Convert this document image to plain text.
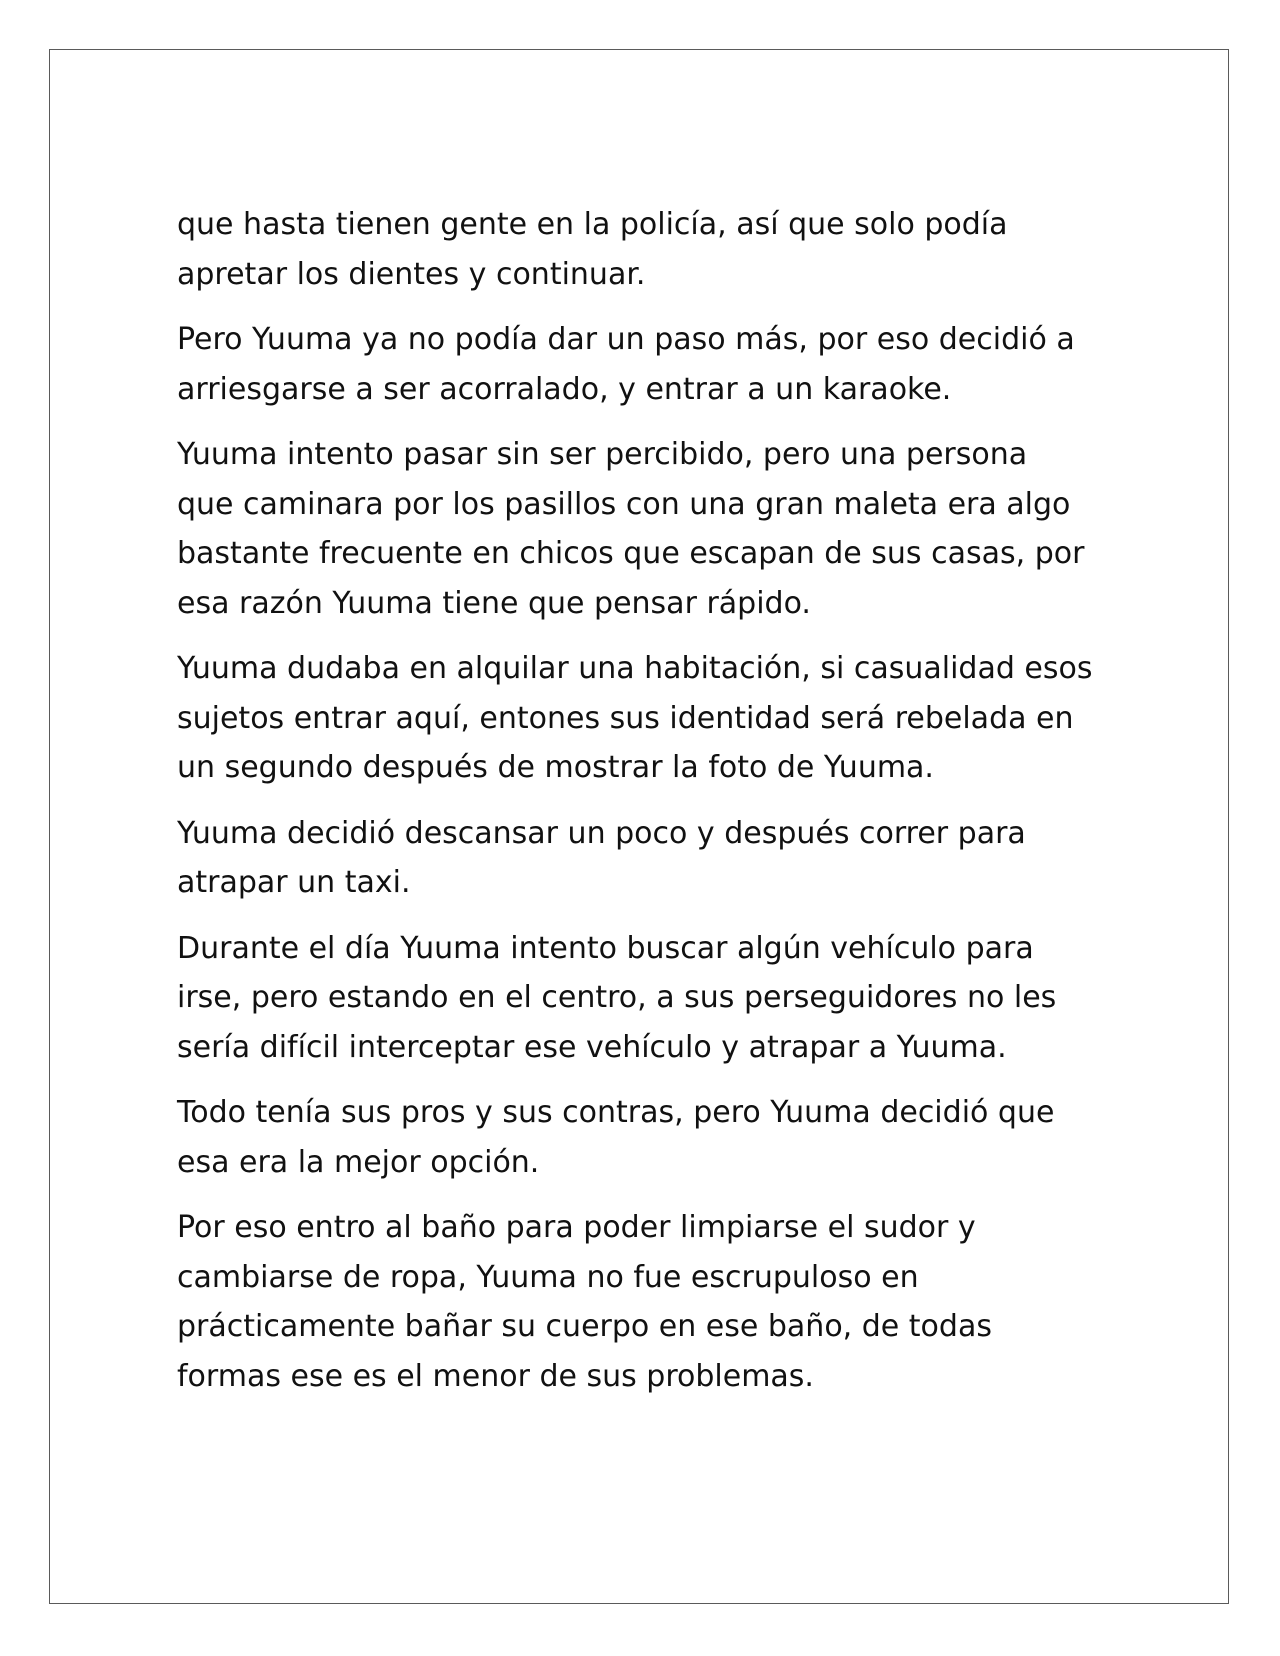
que hasta tienen gente en la policía, así que solo podía
apretar los dientes y continuar.

Pero Yuuma ya no podía dar un paso más, por eso decidió a
arriesgarse a ser acorralado, y entrar a un karaoke.

Yuuma intento pasar sin ser percibido, pero una persona
que caminara por los pasillos con una gran maleta era algo
bastante frecuente en chicos que escapan de sus casas, por
esa razón Yuuma tiene que pensar rápido.

Yuuma dudaba en alquilar una habitación, si casualidad esos
sujetos entrar aquí, entones sus identidad será rebelada en
un segundo después de mostrar la foto de Yuuma.

Yuuma decidió descansar un poco y después correr para
atrapar un taxi.

Durante el día Yuuma intento buscar algún vehículo para
irse, pero estando en el centro, a sus perseguidores no les
sería difícil interceptar ese vehículo y atrapar a Yuuma.

Todo tenía sus pros y sus contras, pero Yuuma decidió que
esa era la mejor opción.

Por eso entro al baño para poder limpiarse el sudor y
cambiarse de ropa, Yuuma no fue escrupuloso en
prácticamente bañar su cuerpo en ese baño, de todas
formas ese es el menor de sus problemas.
